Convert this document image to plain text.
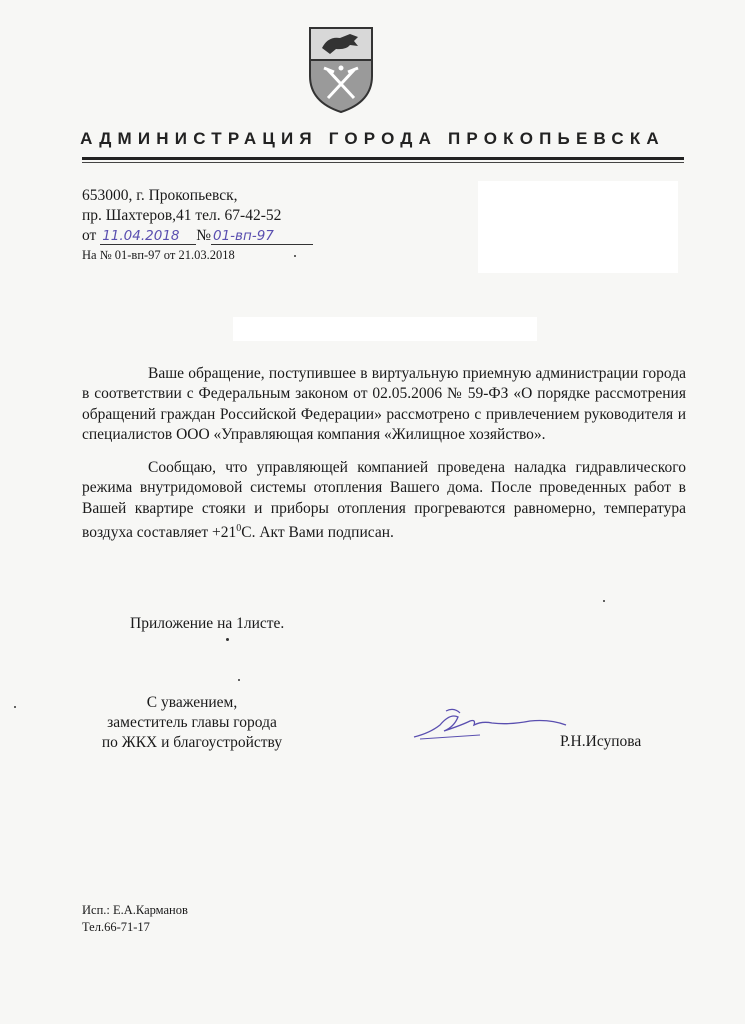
АДМИНИСТРАЦИЯ ГОРОДА ПРОКОПЬЕВСКА
653000, г. Прокопьевск,
пр. Шахтеров,41 тел. 67-42-52
от 11.04.2018 № 01-вп-97
На № 01-вп-97 от 21.03.2018

Ваше обращение, поступившее в виртуальную приемную администрации города в соответствии с Федеральным законом от 02.05.2006 № 59-ФЗ «О порядке рассмотрения обращений граждан Российской Федерации» рассмотрено с привлечением руководителя и специалистов ООО «Управляющая компания «Жилищное хозяйство».

Сообщаю, что управляющей компанией проведена наладка гидравлического режима внутридомовой системы отопления Вашего дома. После проведенных работ в Вашей квартире стояки и приборы отопления прогреваются равномерно, температура воздуха составляет $+21^0С$. Акт Вами подписан.

Приложение на 1листе.
С уважением,
заместитель главы города
по ЖКХ и благоустройству	Р.Н.Исупова
Исп.: Е.А.Карманов
Тел.66-71-17
